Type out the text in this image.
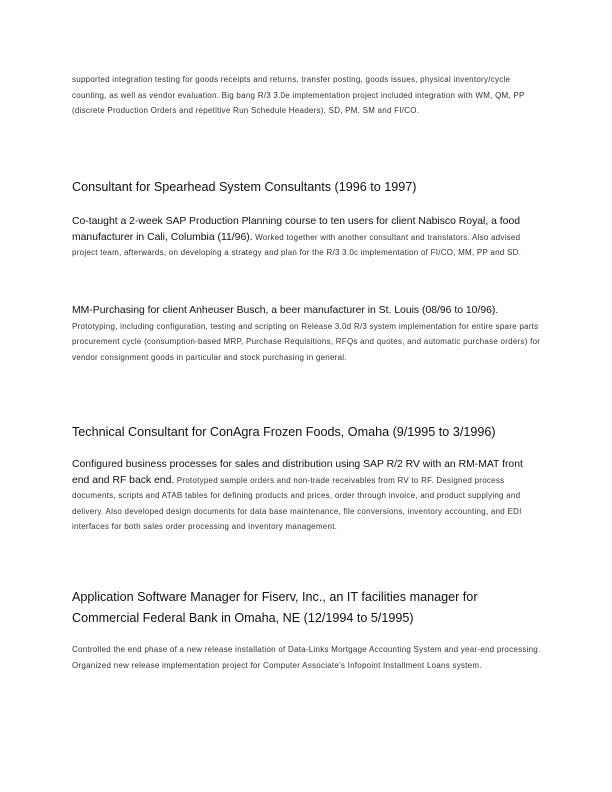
supported integration testing for goods receipts and returns, transfer posting, goods issues, physical inventory/cycle counting, as well as vendor evaluation. Big bang R/3 3.0e implementation project included integration with WM, QM, PP (discrete Production Orders and repetitive Run Schedule Headers), SD, PM, SM and FI/CO.
Consultant for Spearhead System Consultants (1996 to 1997)
Co-taught a 2-week SAP Production Planning course to ten users for client Nabisco Royal, a food manufacturer in Cali, Columbia (11/96). Worked together with another consultant and translators. Also advised project team, afterwards, on developing a strategy and plan for the R/3 3.0c implementation of FI/CO, MM, PP and SD.
MM-Purchasing for client Anheuser Busch, a beer manufacturer in St. Louis (08/96 to 10/96). Prototyping, including configuration, testing and scripting on Release 3.0d R/3 system implementation for entire spare parts procurement cycle (consumption-based MRP, Purchase Requisitions, RFQs and quotes, and automatic purchase orders) for vendor consignment goods in particular and stock purchasing in general.
Technical Consultant for ConAgra Frozen Foods, Omaha (9/1995 to 3/1996)
Configured business processes for sales and distribution using SAP R/2 RV with an RM-MAT front end and RF back end. Prototyped sample orders and non-trade receivables from RV to RF. Designed process documents, scripts and ATAB tables for defining products and prices, order through invoice, and product supplying and delivery. Also developed design documents for data base maintenance, file conversions, inventory accounting, and EDI interfaces for both sales order processing and inventory management.
Application Software Manager for Fiserv, Inc., an IT facilities manager for Commercial Federal Bank in Omaha, NE (12/1994 to 5/1995)
Controlled the end phase of a new release installation of Data-Links Mortgage Accounting System and year-end processing. Organized new release implementation project for Computer Associate's Infopoint Installment Loans system.
